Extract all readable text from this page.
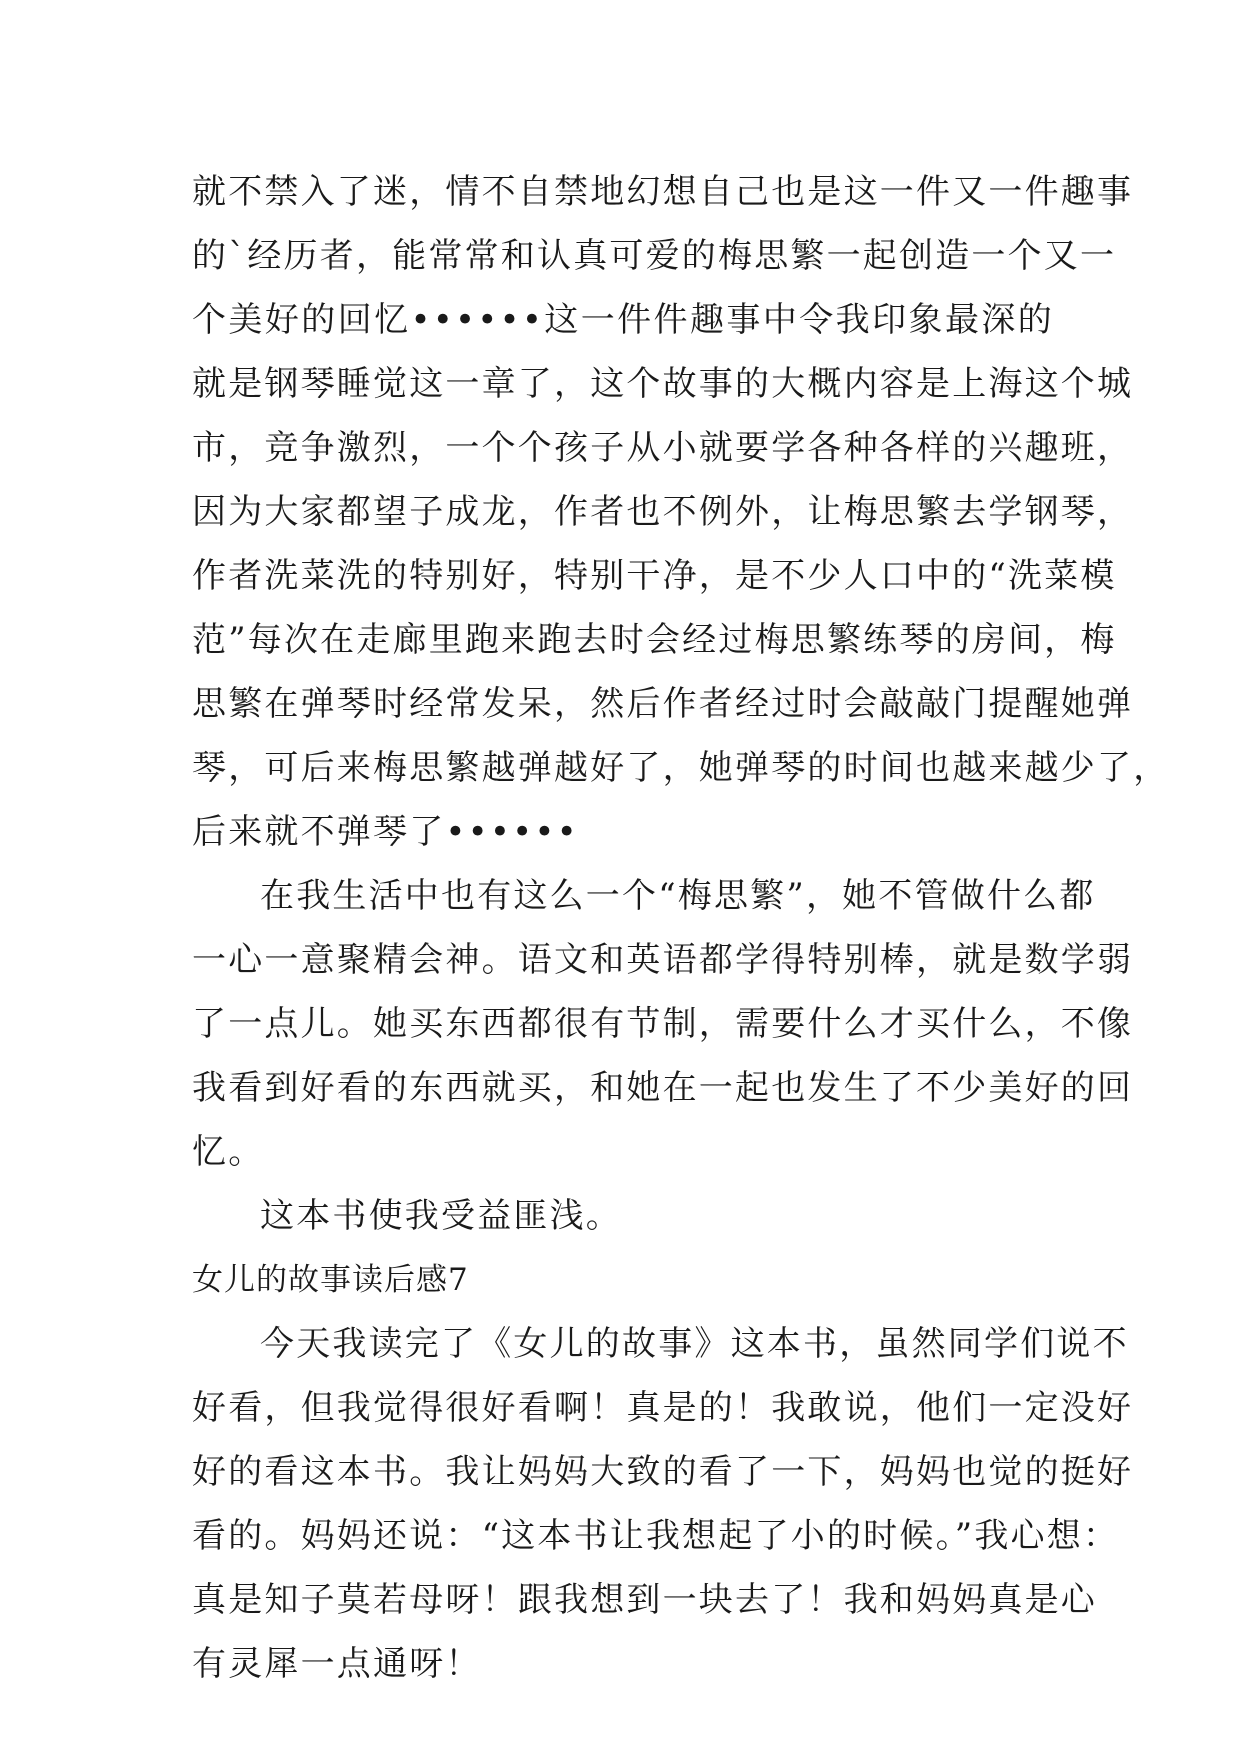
就不禁入了迷，情不自禁地幻想自己也是这一件又一件趣事
的`经历者，能常常和认真可爱的梅思繁一起创造一个又一
个美好的回忆••••••这一件件趣事中令我印象最深的
就是钢琴睡觉这一章了，这个故事的大概内容是上海这个城
市，竞争激烈，一个个孩子从小就要学各种各样的兴趣班，
因为大家都望子成龙，作者也不例外，让梅思繁去学钢琴，
作者洗菜洗的特别好，特别干净，是不少人口中的“洗菜模
范”每次在走廊里跑来跑去时会经过梅思繁练琴的房间，梅
思繁在弹琴时经常发呆，然后作者经过时会敲敲门提醒她弹
琴，可后来梅思繁越弹越好了，她弹琴的时间也越来越少了，
后来就不弹琴了••••••
在我生活中也有这么一个“梅思繁”，她不管做什么都
一心一意聚精会神。语文和英语都学得特别棒，就是数学弱
了一点儿。她买东西都很有节制，需要什么才买什么，不像
我看到好看的东西就买，和她在一起也发生了不少美好的回
忆。
这本书使我受益匪浅。
女儿的故事读后感7
今天我读完了《女儿的故事》这本书，虽然同学们说不
好看，但我觉得很好看啊！真是的！我敢说，他们一定没好
好的看这本书。我让妈妈大致的看了一下，妈妈也觉的挺好
看的。妈妈还说：“这本书让我想起了小的时候。”我心想：
真是知子莫若母呀！跟我想到一块去了！我和妈妈真是心
有灵犀一点通呀！
